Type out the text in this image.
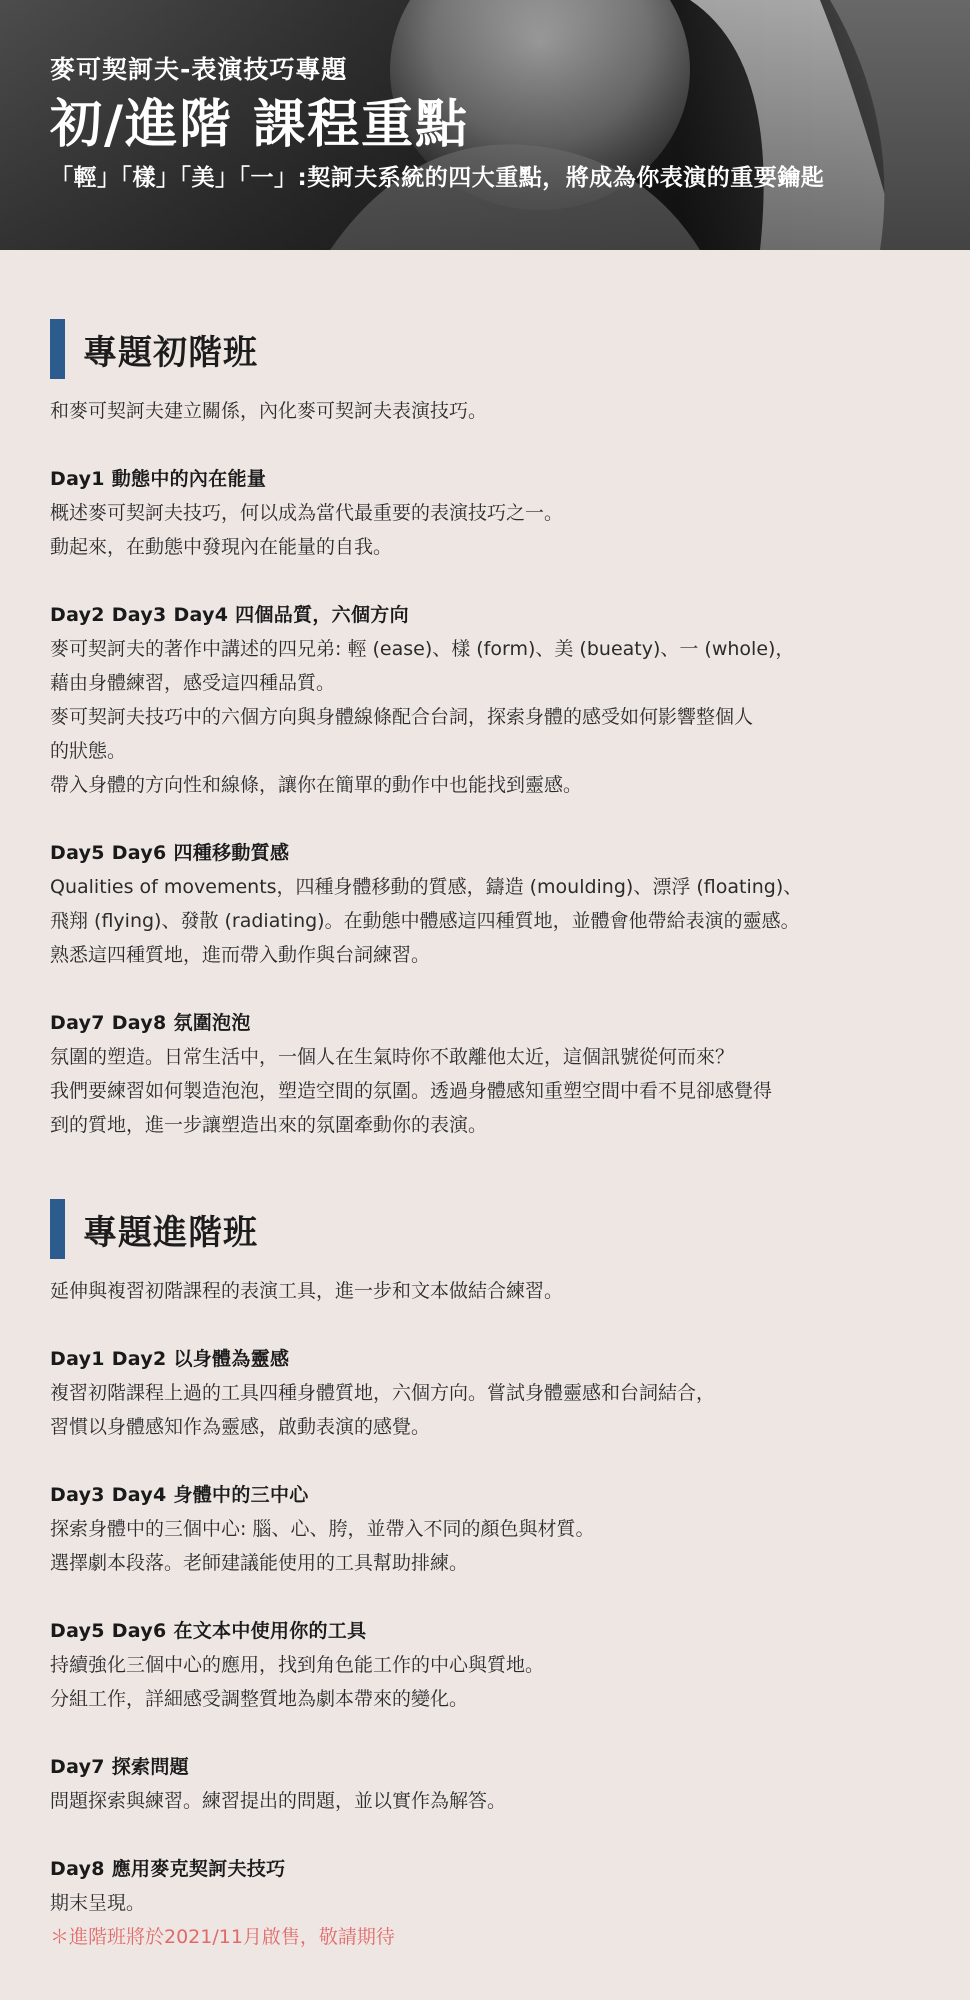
麥可契訶夫-表演技巧專題
初/進階 課程重點
「輕」「樣」「美」「一」:契訶夫系統的四大重點，將成為你表演的重要鑰匙
專題初階班
和麥可契訶夫建立關係，內化麥可契訶夫表演技巧。
Day1 動態中的內在能量
概述麥可契訶夫技巧，何以成為當代最重要的表演技巧之一。
動起來，在動態中發現內在能量的自我。
Day2 Day3 Day4 四個品質，六個方向
麥可契訶夫的著作中講述的四兄弟: 輕 (ease)、樣 (form)、美 (bueaty)、一 (whole)，
藉由身體練習，感受這四種品質。
麥可契訶夫技巧中的六個方向與身體線條配合台詞，探索身體的感受如何影響整個人
的狀態。
帶入身體的方向性和線條，讓你在簡單的動作中也能找到靈感。
Day5 Day6 四種移動質感
Qualities of movements，四種身體移動的質感，鑄造 (moulding)、漂浮 (floating)、
飛翔 (flying)、發散 (radiating)。在動態中體感這四種質地，並體會他帶給表演的靈感。
熟悉這四種質地，進而帶入動作與台詞練習。
Day7 Day8 氛圍泡泡
氛圍的塑造。日常生活中，一個人在生氣時你不敢離他太近，這個訊號從何而來？
我們要練習如何製造泡泡，塑造空間的氛圍。透過身體感知重塑空間中看不見卻感覺得
到的質地，進一步讓塑造出來的氛圍牽動你的表演。
專題進階班
延伸與複習初階課程的表演工具，進一步和文本做結合練習。
Day1 Day2 以身體為靈感
複習初階課程上過的工具四種身體質地，六個方向。嘗試身體靈感和台詞結合，
習慣以身體感知作為靈感，啟動表演的感覺。
Day3 Day4 身體中的三中心
探索身體中的三個中心: 腦、心、胯，並帶入不同的顏色與材質。
選擇劇本段落。老師建議能使用的工具幫助排練。
Day5 Day6 在文本中使用你的工具
持續強化三個中心的應用，找到角色能工作的中心與質地。
分組工作，詳細感受調整質地為劇本帶來的變化。
Day7 探索問題
問題探索與練習。練習提出的問題，並以實作為解答。
Day8 應用麥克契訶夫技巧
期末呈現。
＊進階班將於2021/11月啟售，敬請期待
